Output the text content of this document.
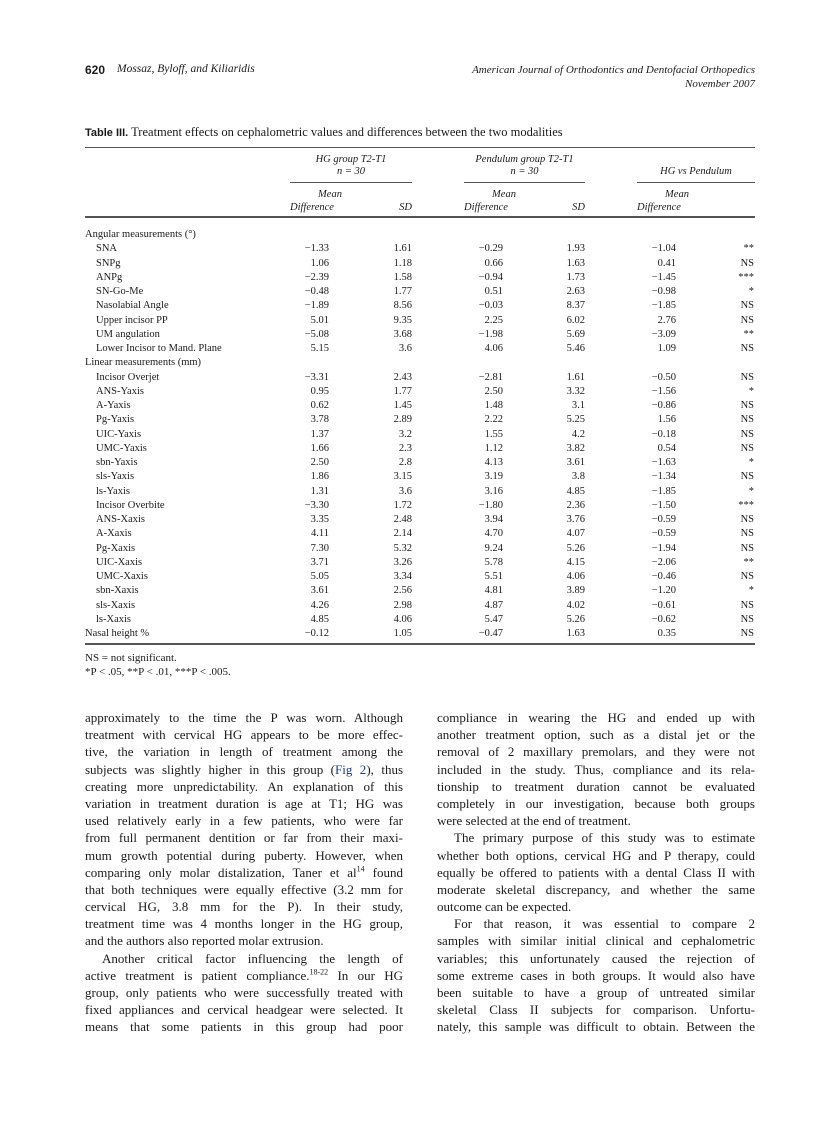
620 Mossaz, Byloff, and Kiliaridis	American Journal of Orthodontics and Dentofacial Orthopedics
November 2007
Table III. Treatment effects on cephalometric values and differences between the two modalities
HG group T2-T1
n = 30
Pendulum group T2-T1
n = 30	HG vs Pendulum
Mean
Difference	SD
Mean
Difference	SD
Mean
Difference
Angular measurements (°)
SNA	−1.33	1.61	−0.29	1.93	−1.04	**
SNPg	1.06	1.18	0.66	1.63	0.41	NS
ANPg	−2.39	1.58	−0.94	1.73	−1.45	***
SN-Go-Me	−0.48	1.77	0.51	2.63	−0.98	*
Nasolabial Angle	−1.89	8.56	−0.03	8.37	−1.85	NS
Upper incisor PP	5.01	9.35	2.25	6.02	2.76	NS
UM angulation	−5.08	3.68	−1.98	5.69	−3.09	**
Lower Incisor to Mand. Plane	5.15	3.6	4.06	5.46	1.09	NS
Linear measurements (mm)
Incisor Overjet	−3.31	2.43	−2.81	1.61	−0.50	NS
ANS-Yaxis	0.95	1.77	2.50	3.32	−1.56	*
A-Yaxis	0.62	1.45	1.48	3.1	−0.86	NS
Pg-Yaxis	3.78	2.89	2.22	5.25	1.56	NS
UIC-Yaxis	1.37	3.2	1.55	4.2	−0.18	NS
UMC-Yaxis	1.66	2.3	1.12	3.82	0.54	NS
sbn-Yaxis	2.50	2.8	4.13	3.61	−1.63	*
sls-Yaxis	1.86	3.15	3.19	3.8	−1.34	NS
ls-Yaxis	1.31	3.6	3.16	4.85	−1.85	*
Incisor Overbite	−3.30	1.72	−1.80	2.36	−1.50	***
ANS-Xaxis	3.35	2.48	3.94	3.76	−0.59	NS
A-Xaxis	4.11	2.14	4.70	4.07	−0.59	NS
Pg-Xaxis	7.30	5.32	9.24	5.26	−1.94	NS
UIC-Xaxis	3.71	3.26	5.78	4.15	−2.06	**
UMC-Xaxis	5.05	3.34	5.51	4.06	−0.46	NS
sbn-Xaxis	3.61	2.56	4.81	3.89	−1.20	*
sls-Xaxis	4.26	2.98	4.87	4.02	−0.61	NS
ls-Xaxis	4.85	4.06	5.47	5.26	−0.62	NS
Nasal height %	−0.12	1.05	−0.47	1.63	0.35	NS
NS = not significant.
*P < .05, **P < .01, ***P < .005.
approximately to the time the P was worn. Although
treatment with cervical HG appears to be more effec-
tive, the variation in length of treatment among the
subjects was slightly higher in this group (Fig 2), thus
creating more unpredictability. An explanation of this
variation in treatment duration is age at T1; HG was
used relatively early in a few patients, who were far
from full permanent dentition or far from their maxi-
mum growth potential during puberty. However, when
comparing only molar distalization, Taner et $al^{14}$ found
that both techniques were equally effective (3.2 mm for
cervical HG, 3.8 mm for the P). In their study,
treatment time was 4 months longer in the HG group,
and the authors also reported molar extrusion.
Another critical factor influencing the length of
active treatment is patient compliance.$^{18-22}$ In our HG
group, only patients who were successfully treated with
fixed appliances and cervical headgear were selected. It
means that some patients in this group had poor
compliance in wearing the HG and ended up with
another treatment option, such as a distal jet or the
removal of 2 maxillary premolars, and they were not
included in the study. Thus, compliance and its rela-
tionship to treatment duration cannot be evaluated
completely in our investigation, because both groups
were selected at the end of treatment.
The primary purpose of this study was to estimate
whether both options, cervical HG and P therapy, could
equally be offered to patients with a dental Class II with
moderate skeletal discrepancy, and whether the same
outcome can be expected.
For that reason, it was essential to compare 2
samples with similar initial clinical and cephalometric
variables; this unfortunately caused the rejection of
some extreme cases in both groups. It would also have
been suitable to have a group of untreated similar
skeletal Class II subjects for comparison. Unfortu-
nately, this sample was difficult to obtain. Between the
